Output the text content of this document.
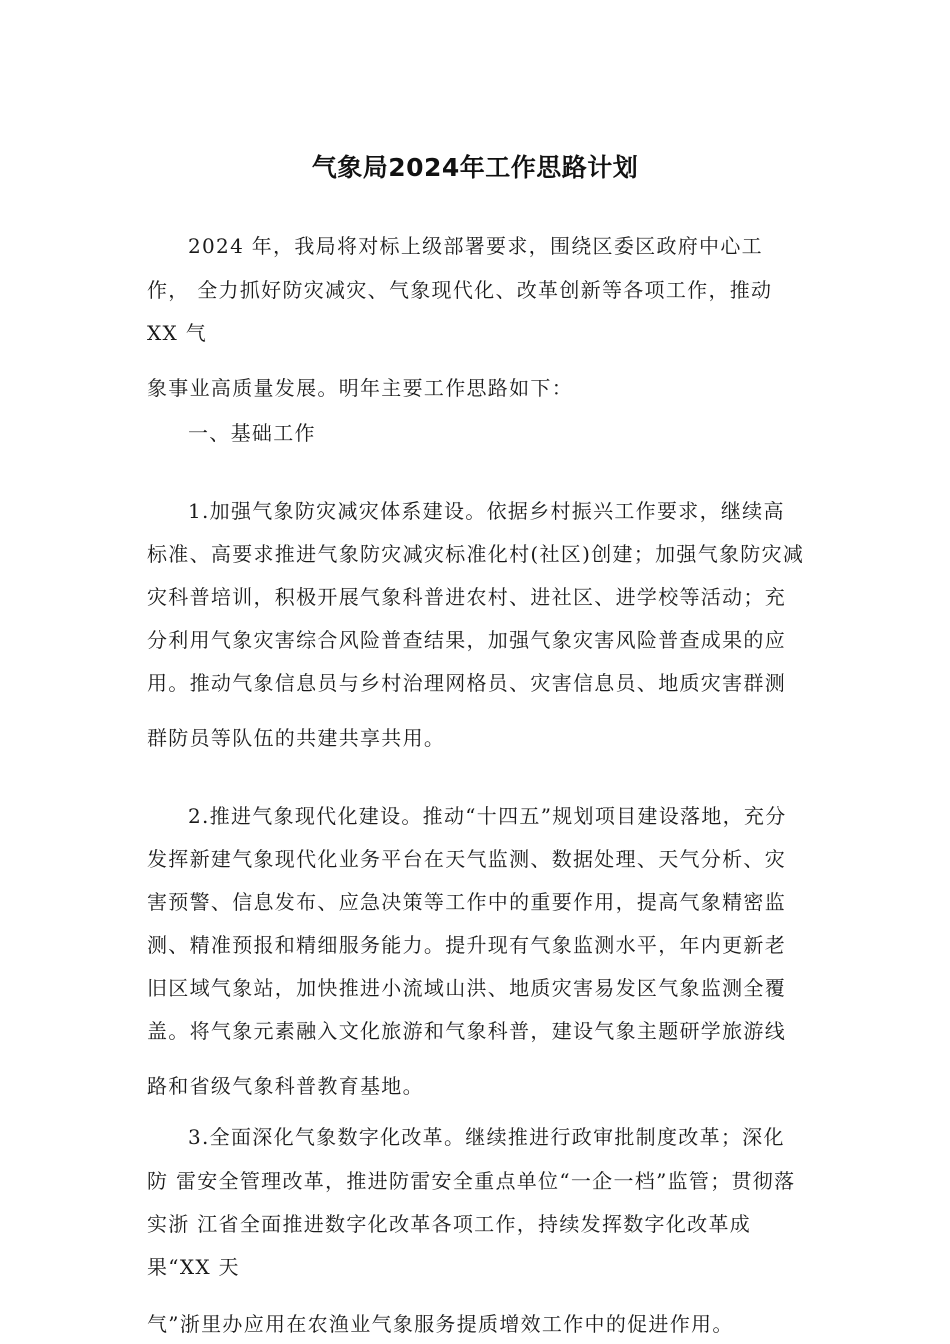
气象局2024年工作思路计划
2024 年，我局将对标上级部署要求，围绕区委区政府中心工
作， 全力抓好防灾减灾、气象现代化、改革创新等各项工作，推动
XX 气
象事业高质量发展。明年主要工作思路如下：
一、基础工作
1.加强气象防灾减灾体系建设。依据乡村振兴工作要求，继续高
标准、高要求推进气象防灾减灾标准化村(社区)创建；加强气象防灾减
灾科普培训，积极开展气象科普进农村、进社区、进学校等活动；充
分利用气象灾害综合风险普查结果，加强气象灾害风险普查成果的应
用。推动气象信息员与乡村治理网格员、灾害信息员、地质灾害群测
群防员等队伍的共建共享共用。
2.推进气象现代化建设。推动“十四五”规划项目建设落地，充分
发挥新建气象现代化业务平台在天气监测、数据处理、天气分析、灾
害预警、信息发布、应急决策等工作中的重要作用，提高气象精密监
测、精准预报和精细服务能力。提升现有气象监测水平，年内更新老
旧区域气象站，加快推进小流域山洪、地质灾害易发区气象监测全覆
盖。将气象元素融入文化旅游和气象科普，建设气象主题研学旅游线
路和省级气象科普教育基地。
3.全面深化气象数字化改革。继续推进行政审批制度改革；深化
防 雷安全管理改革，推进防雷安全重点单位“一企一档”监管；贯彻落
实浙 江省全面推进数字化改革各项工作，持续发挥数字化改革成
果“XX 天
气”浙里办应用在农渔业气象服务提质增效工作中的促进作用。
